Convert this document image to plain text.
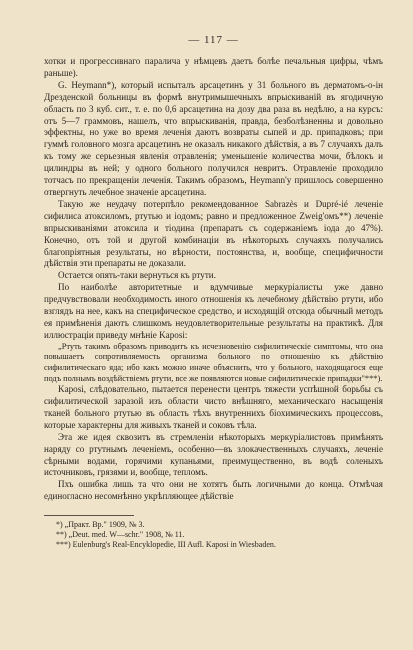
— 117 —

хотки и прогрессивнаго паралича у нѣмцевъ даетъ болѣе печальныя цифры, чѣмъ раньше).

G. Heymann*), который испыталъ арсацетинъ у 31 больного въ дерматомъ-о-ін Дрезденской больницы въ формѣ внутримышечныхъ впрыскиваній въ ягодичную область по 3 куб. сит., т. е. по 0,6 арсацетина на дозу два раза въ недѣлю, а на курсъ: отъ 5—7 граммовъ, нашелъ, что впрыскиванія, правда, безболѣзненны и довольно эффектны, но уже во время леченія даютъ возвраты сыпей и др. припадковъ; при гуммѣ головного мозга арсацетинъ не оказалъ никакого дѣйствія, а въ 7 случаяхъ далъ къ тому же серьезныя явленія отравленія; уменьшеніе количества мочи, бѣлокъ и цилиндры въ ней; у одного больного получился невритъ. Отравленіе проходило тотчасъ по прекращеніи леченія. Такимъ образомъ, Heymann'у пришлось совершенно отвергнуть лечебное значеніе арсацетина.

Такую же неудачу потерпѣло рекомендованное Sabrazès и Dupré-ié леченіе сифилиса атоксиломъ, ртутью и іодомъ; равно и предложенное Zweig'омъ**) леченіе впрыскиваніями атоксила и тіодина (препаратъ съ содержаніемъ іода до 47%). Конечно, отъ той и другой комбинаціи въ нѣкоторыхъ случаяхъ получались благопріятныя результаты, но вѣрности, постоянства, и, вообще, специфичности дѣйствія эти препараты не доказали.

Остается опять-таки вернуться къ ртути.

По наиболѣе авторитетные и вдумчивые меркуріалисты уже давно предчувствовали необходимость иного отношенія къ лечебному дѣйствію ртути, ибо взглядъ на нее, какъ на специфическое средство, и исходящій отсюда обычный методъ ея примѣненія даютъ слишкомъ неудовлетворительные результаты на практикѣ. Для иллюстраціи приведу мнѣніе Kaposi:

„Ртуть такимъ образомъ приводитъ къ исчезновенію сифилитическіе симптомы, что она повышаетъ сопротивляемость организма больного по отношенію къ дѣйствію сифилитическаго яда; ибо какъ можно иначе объяснить, что у больного, находящагося еще подъ полнымъ воздѣйствіемъ ртути, все же появляются новые сифилитическіе припадки"***).

Kaposi, слѣдовательно, пытается перенести центръ тяжести успѣшной борьбы съ сифилитической заразой изъ области чисто внѣшняго, механическаго насыщенія тканей больного ртутью въ область тѣхъ внутреннихъ біохимическихъ процессовъ, которые характерны для живыхъ тканей и соковъ тѣла.

Эта же идея сквозитъ въ стремленіи нѣкоторыхъ меркуріалистовъ примѣнять наряду со ртутнымъ леченіемъ, особенно—въ злокачественныхъ случаяхъ, леченіе сѣрными водами, горячими купаньями, преимущественно, въ водѣ соленыхъ источниковъ, грязями и, вообще, тепломъ.

Пхъ ошибка лишь та что они не хотятъ быть логичными до конца. Отмѣчая единогласно несомнѣнно укрѣпляющее дѣйствіе

*) „Практ. Вр." 1909, № 3.
**) „Deut. med. W—schr." 1908, № 11.
***) Eulenburg's Real-Encyklopedie, III Aufl. Kaposi in Wiesbaden.
